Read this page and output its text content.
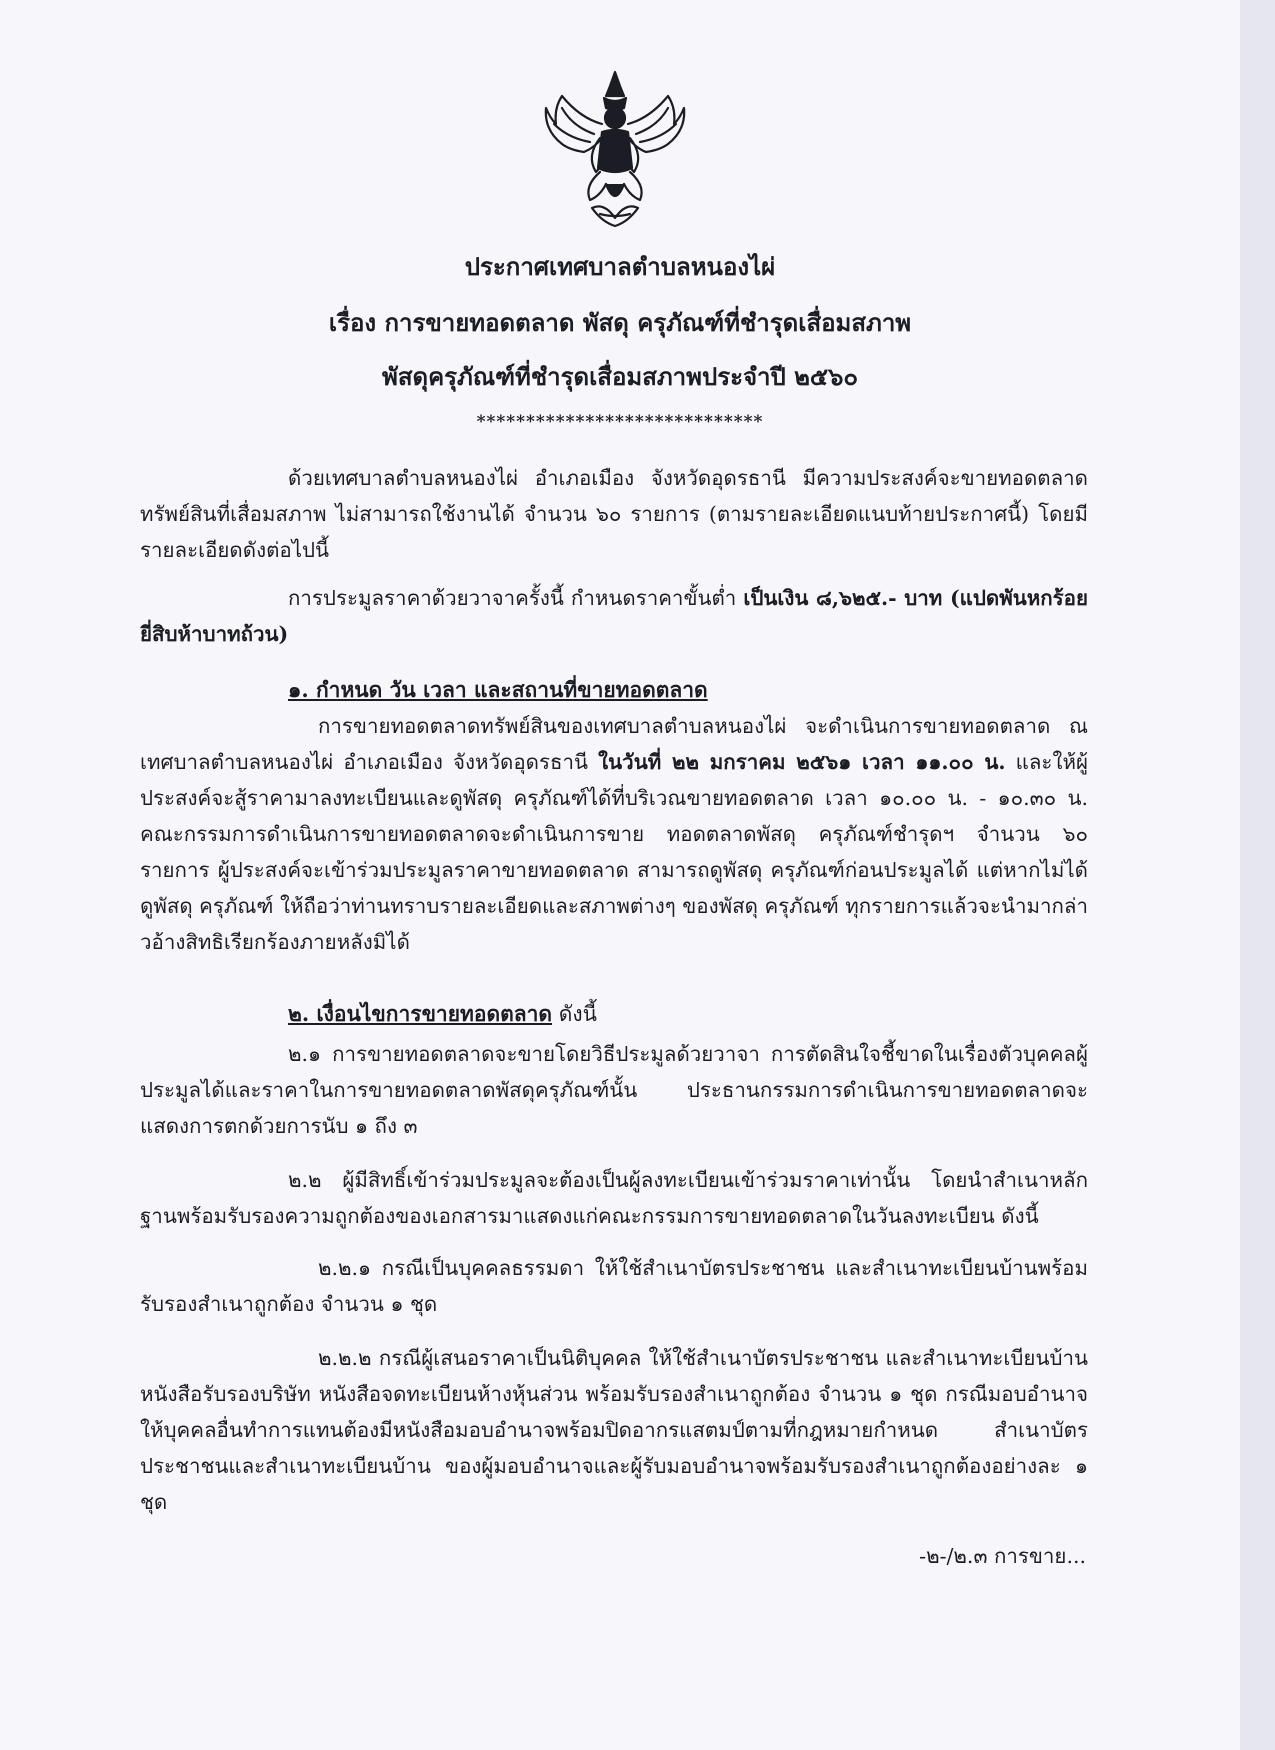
ประกาศเทศบาลตำบลหนองไผ่
เรื่อง การขายทอดตลาด พัสดุ ครุภัณฑ์ที่ชำรุดเสื่อมสภาพ
พัสดุครุภัณฑ์ที่ชำรุดเสื่อมสภาพประจำปี ๒๕๖๐
*****************************
ด้วยเทศบาลตำบลหนองไผ่ อำเภอเมือง จังหวัดอุดรธานี มีความประสงค์จะขายทอดตลาดทรัพย์สินที่เสื่อมสภาพ ไม่สามารถใช้งานได้ จำนวน ๖๐ รายการ (ตามรายละเอียดแนบท้ายประกาศนี้) โดยมีรายละเอียดดังต่อไปนี้
การประมูลราคาด้วยวาจาครั้งนี้ กำหนดราคาขั้นต่ำ เป็นเงิน ๘,๖๒๕.- บาท (แปดพันหกร้อยยี่สิบห้าบาทถ้วน)
๑. กำหนด วัน เวลา และสถานที่ขายทอดตลาด
การขายทอดตลาดทรัพย์สินของเทศบาลตำบลหนองไผ่ จะดำเนินการขายทอดตลาด ณ เทศบาลตำบลหนองไผ่ อำเภอเมือง จังหวัดอุดรธานี ในวันที่ ๒๒ มกราคม ๒๕๖๑ เวลา ๑๑.๐๐ น. และให้ผู้ประสงค์จะสู้ราคามาลงทะเบียนและดูพัสดุ ครุภัณฑ์ได้ที่บริเวณขายทอดตลาด เวลา ๑๐.๐๐ น. - ๑๐.๓๐ น. คณะกรรมการดำเนินการขายทอดตลาดจะดำเนินการขาย ทอดตลาดพัสดุ ครุภัณฑ์ชำรุดฯ จำนวน ๖๐ รายการ ผู้ประสงค์จะเข้าร่วมประมูลราคาขายทอดตลาด สามารถดูพัสดุ ครุภัณฑ์ก่อนประมูลได้ แต่หากไม่ได้ดูพัสดุ ครุภัณฑ์ ให้ถือว่าท่านทราบรายละเอียดและสภาพต่างๆ ของพัสดุ ครุภัณฑ์ ทุกรายการแล้วจะนำมากล่าวอ้างสิทธิเรียกร้องภายหลังมิได้
๒. เงื่อนไขการขายทอดตลาด ดังนี้
๒.๑ การขายทอดตลาดจะขายโดยวิธีประมูลด้วยวาจา การตัดสินใจชี้ขาดในเรื่องตัวบุคคลผู้ประมูลได้และราคาในการขายทอดตลาดพัสดุครุภัณฑ์นั้น ประธานกรรมการดำเนินการขายทอดตลาดจะแสดงการตกด้วยการนับ ๑ ถึง ๓
๒.๒ ผู้มีสิทธิ์เข้าร่วมประมูลจะต้องเป็นผู้ลงทะเบียนเข้าร่วมราคาเท่านั้น โดยนำสำเนาหลักฐานพร้อมรับรองความถูกต้องของเอกสารมาแสดงแก่คณะกรรมการขายทอดตลาดในวันลงทะเบียน ดังนี้
๒.๒.๑ กรณีเป็นบุคคลธรรมดา ให้ใช้สำเนาบัตรประชาชน และสำเนาทะเบียนบ้านพร้อมรับรองสำเนาถูกต้อง จำนวน ๑ ชุด
๒.๒.๒ กรณีผู้เสนอราคาเป็นนิติบุคคล ให้ใช้สำเนาบัตรประชาชน และสำเนาทะเบียนบ้าน หนังสือรับรองบริษัท หนังสือจดทะเบียนห้างหุ้นส่วน พร้อมรับรองสำเนาถูกต้อง จำนวน ๑ ชุด กรณีมอบอำนาจให้บุคคลอื่นทำการแทนต้องมีหนังสือมอบอำนาจพร้อมปิดอากรแสตมป์ตามที่กฎหมายกำหนด สำเนาบัตรประชาชนและสำเนาทะเบียนบ้าน ของผู้มอบอำนาจและผู้รับมอบอำนาจพร้อมรับรองสำเนาถูกต้องอย่างละ ๑ ชุด
-๒-/๒.๓ การขาย...
